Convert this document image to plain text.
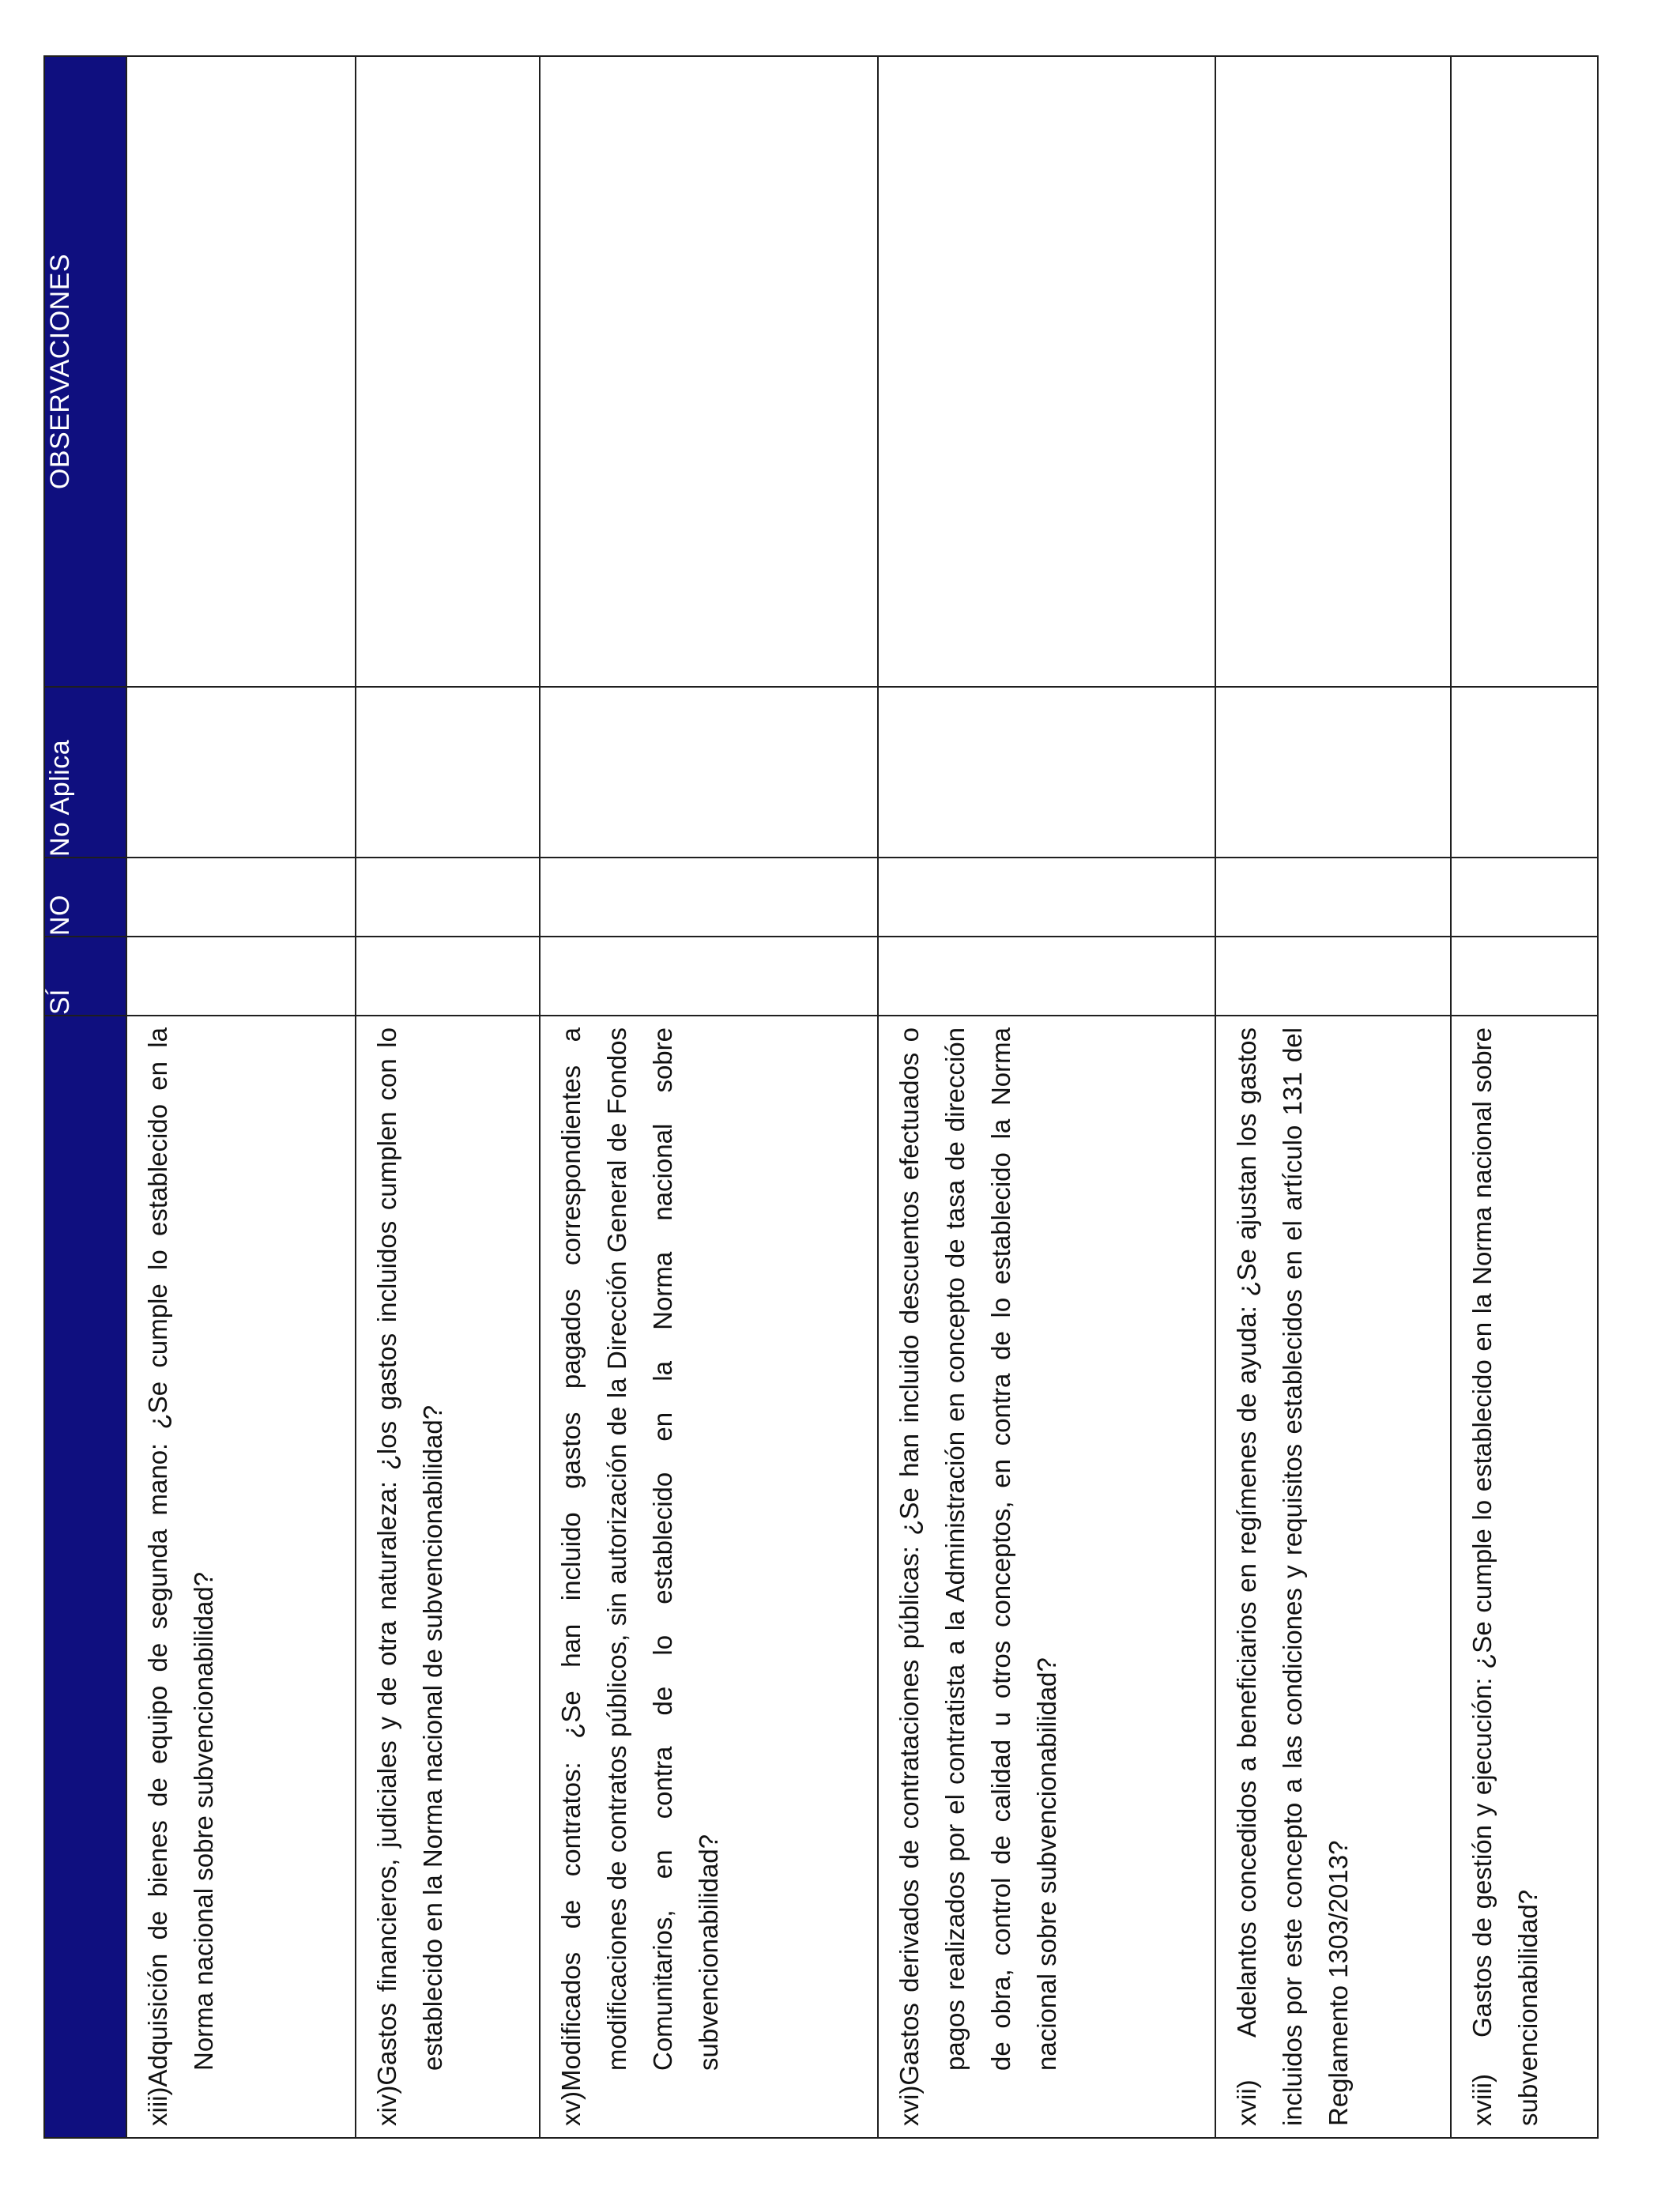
	SÍ	NO	No Aplica	OBSERVACIONES

xiii)Adquisición de bienes de equipo de segunda mano: ¿Se cumple lo establecido en la Norma nacional sobre subvencionabilidad?				

xiv)Gastos financieros, judiciales y de otra naturaleza: ¿los gastos incluidos cumplen con lo establecido en la Norma nacional de subvencionabilidad?				

xv)Modificados de contratos: ¿Se han incluido gastos pagados correspondientes a modificaciones de contratos públicos, sin autorización de la Dirección General de Fondos Comunitarios, en contra de lo establecido en la Norma nacional sobre subvencionabilidad?				

xvi)Gastos derivados de contrataciones públicas: ¿Se han incluido descuentos efectuados o pagos realizados por el contratista a la Administración en concepto de tasa de dirección de obra, control de calidad u otros conceptos, en contra de lo establecido la Norma nacional sobre subvencionabilidad?				

xvii)Adelantos concedidos a beneficiarios en regímenes de ayuda: ¿Se ajustan los gastos incluidos por este concepto a las condiciones y requisitos establecidos en el artículo 131 del Reglamento 1303/2013?				

xviii)Gastos de gestión y ejecución: ¿Se cumple lo establecido en la Norma nacional sobre subvencionabilidad?				
